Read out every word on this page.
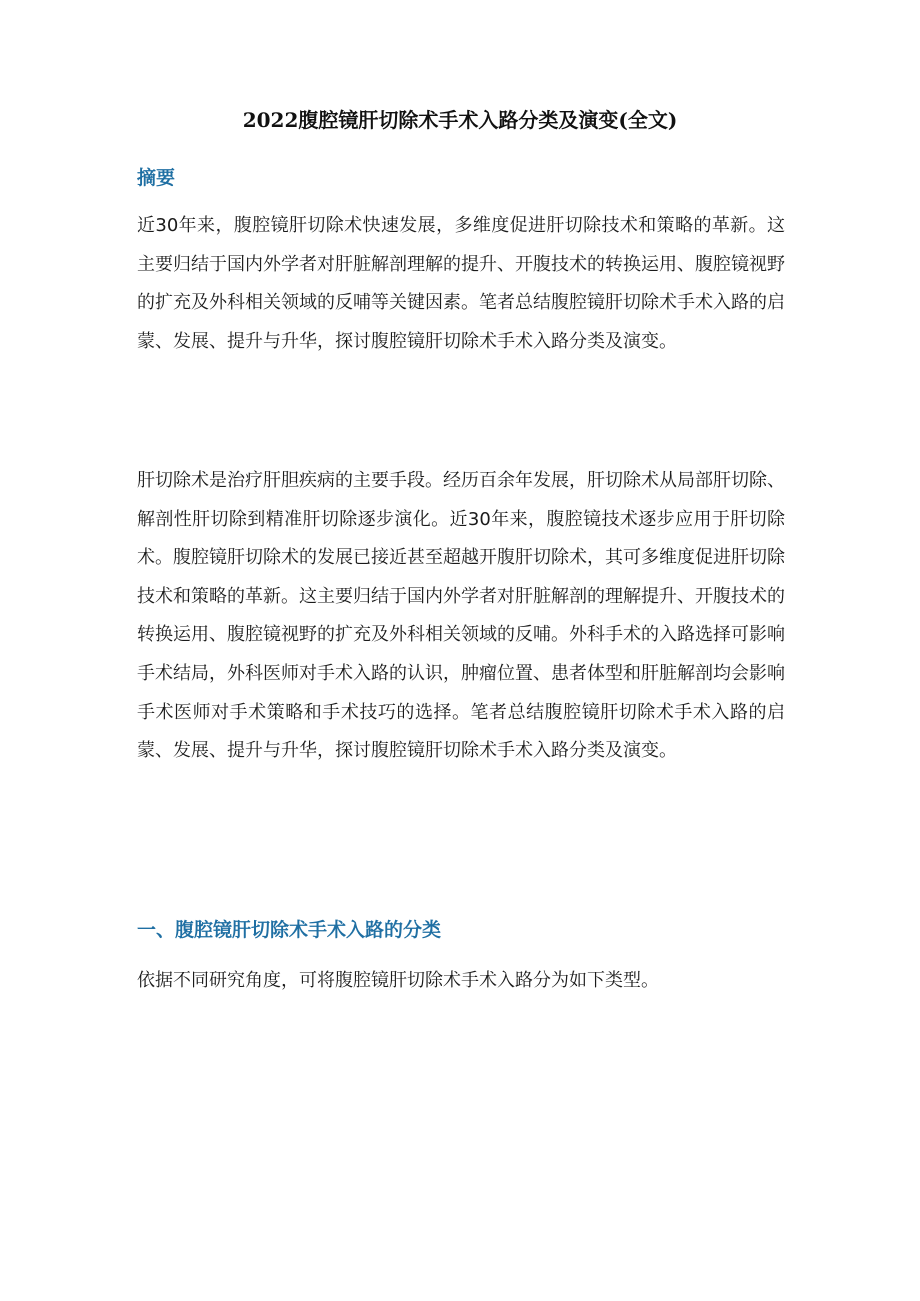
2022腹腔镜肝切除术手术入路分类及演变(全文)
摘要

近30年来，腹腔镜肝切除术快速发展，多维度促进肝切除技术和策略的革新。这主要归结于国内外学者对肝脏解剖理解的提升、开腹技术的转换运用、腹腔镜视野的扩充及外科相关领域的反哺等关键因素。笔者总结腹腔镜肝切除术手术入路的启蒙、发展、提升与升华，探讨腹腔镜肝切除术手术入路分类及演变。

肝切除术是治疗肝胆疾病的主要手段。经历百余年发展，肝切除术从局部肝切除、解剖性肝切除到精准肝切除逐步演化。近30年来，腹腔镜技术逐步应用于肝切除术。腹腔镜肝切除术的发展已接近甚至超越开腹肝切除术，其可多维度促进肝切除技术和策略的革新。这主要归结于国内外学者对肝脏解剖的理解提升、开腹技术的转换运用、腹腔镜视野的扩充及外科相关领域的反哺。外科手术的入路选择可影响手术结局，外科医师对手术入路的认识，肿瘤位置、患者体型和肝脏解剖均会影响手术医师对手术策略和手术技巧的选择。笔者总结腹腔镜肝切除术手术入路的启蒙、发展、提升与升华，探讨腹腔镜肝切除术手术入路分类及演变。

一、腹腔镜肝切除术手术入路的分类

依据不同研究角度，可将腹腔镜肝切除术手术入路分为如下类型。
